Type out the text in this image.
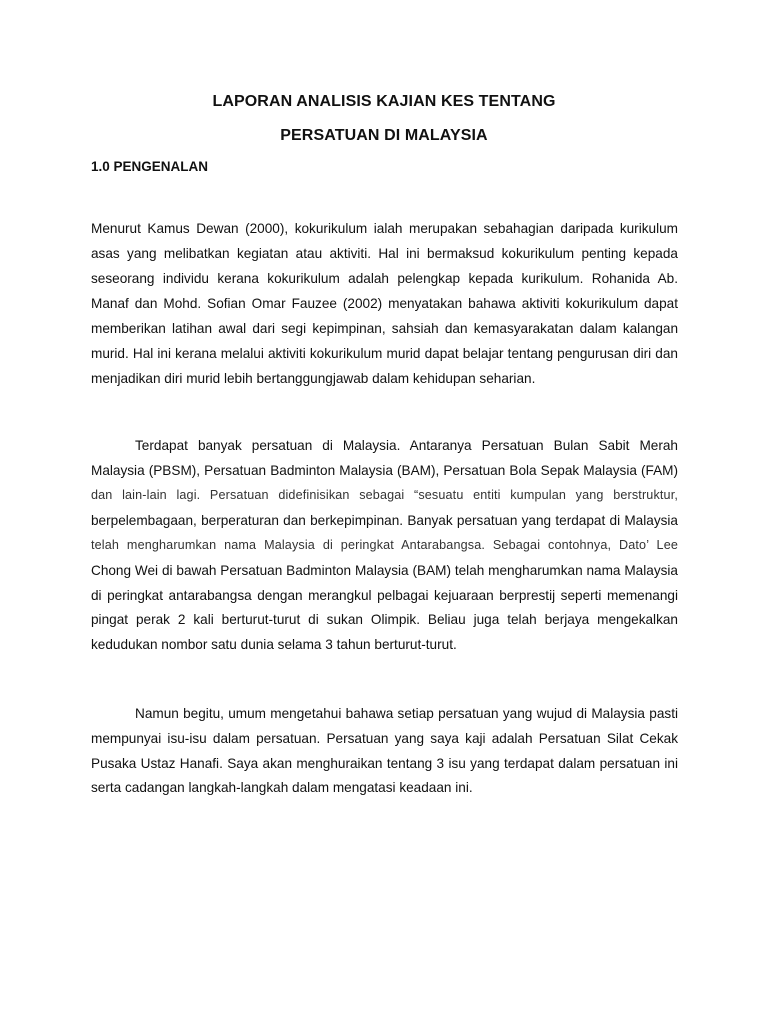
LAPORAN ANALISIS KAJIAN KES TENTANG
PERSATUAN DI MALAYSIA
1.0 PENGENALAN
Menurut Kamus Dewan (2000), kokurikulum ialah merupakan sebahagian daripada kurikulum
asas yang melibatkan kegiatan atau aktiviti. Hal ini bermaksud kokurikulum penting kepada
seseorang individu kerana kokurikulum adalah pelengkap kepada kurikulum. Rohanida Ab.
Manaf dan Mohd. Sofian Omar Fauzee (2002) menyatakan bahawa aktiviti kokurikulum dapat
memberikan latihan awal dari segi kepimpinan, sahsiah dan kemasyarakatan dalam kalangan
murid. Hal ini kerana melalui aktiviti kokurikulum murid dapat belajar tentang pengurusan diri dan
menjadikan diri murid lebih bertanggungjawab dalam kehidupan seharian.
Terdapat banyak persatuan di Malaysia. Antaranya Persatuan Bulan Sabit Merah
Malaysia (PBSM), Persatuan Badminton Malaysia (BAM), Persatuan Bola Sepak Malaysia (FAM)
dan lain-lain lagi. Persatuan didefinisikan sebagai “sesuatu entiti kumpulan yang berstruktur,
berpelembagaan, berperaturan dan berkepimpinan. Banyak persatuan yang terdapat di Malaysia
telah mengharumkan nama Malaysia di peringkat Antarabangsa. Sebagai contohnya, Dato’ Lee
Chong Wei di bawah Persatuan Badminton Malaysia (BAM) telah mengharumkan nama Malaysia
di peringkat antarabangsa dengan merangkul pelbagai kejuaraan berprestij seperti memenangi
pingat perak 2 kali berturut-turut di sukan Olimpik. Beliau juga telah berjaya mengekalkan
kedudukan nombor satu dunia selama 3 tahun berturut-turut.
Namun begitu, umum mengetahui bahawa setiap persatuan yang wujud di Malaysia pasti
mempunyai isu-isu dalam persatuan. Persatuan yang saya kaji adalah Persatuan Silat Cekak
Pusaka Ustaz Hanafi. Saya akan menghuraikan tentang 3 isu yang terdapat dalam persatuan ini
serta cadangan langkah-langkah dalam mengatasi keadaan ini.
